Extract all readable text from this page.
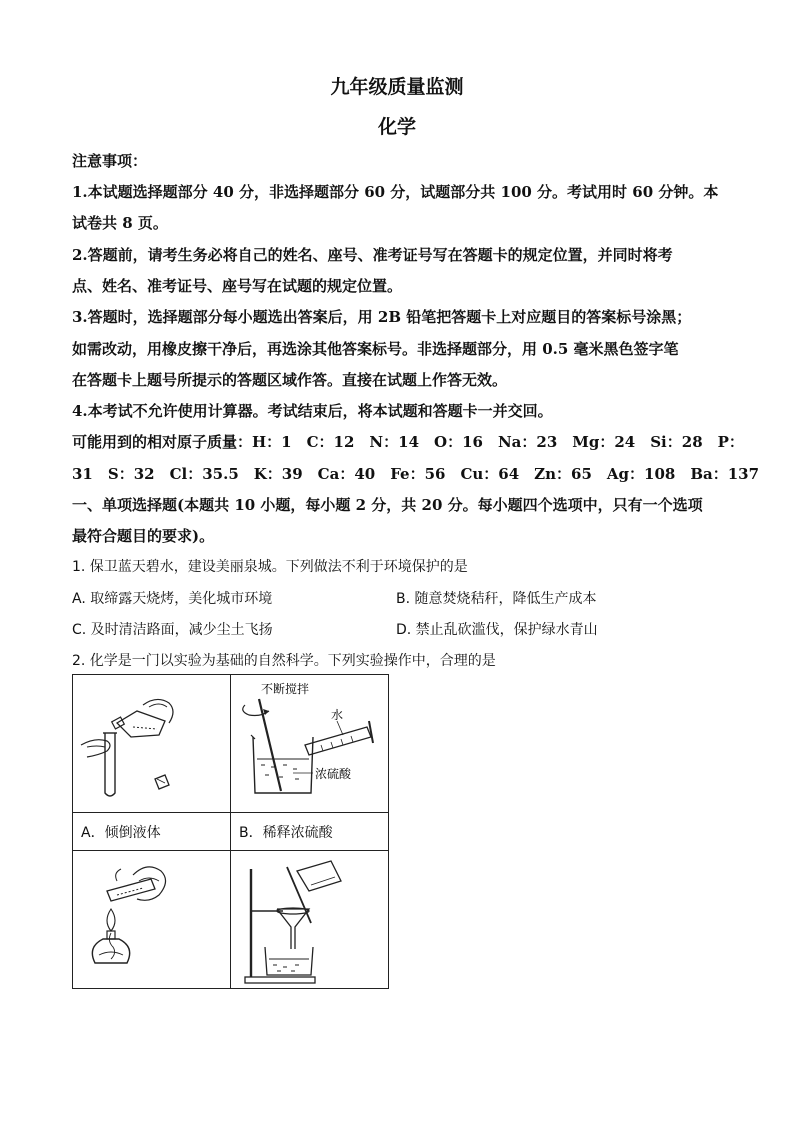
九年级质量监测
化学
注意事项：
1.本试题选择题部分 40 分，非选择题部分 60 分，试题部分共 100 分。考试用时 60 分钟。本
试卷共 8 页。
2.答题前，请考生务必将自己的姓名、座号、准考证号写在答题卡的规定位置，并同时将考
点、姓名、准考证号、座号写在试题的规定位置。
3.答题时，选择题部分每小题选出答案后，用 2B 铅笔把答题卡上对应题目的答案标号涂黑；
如需改动，用橡皮擦干净后，再选涂其他答案标号。非选择题部分，用 0.5 毫米黑色签字笔
在答题卡上题号所提示的答题区域作答。直接在试题上作答无效。
4.本考试不允许使用计算器。考试结束后，将本试题和答题卡一并交回。
可能用到的相对原子质量：H：1　C：12　N：14　O：16　Na：23　Mg：24　Si：28　P：
31　S：32　Cl：35.5　K：39　Ca：40　Fe：56　Cu：64　Zn：65　Ag：108　Ba：137
一、单项选择题(本题共 10 小题，每小题 2 分，共 20 分。每小题四个选项中，只有一个选项
最符合题目的要求)。
1. 保卫蓝天碧水，建设美丽泉城。下列做法不利于环境保护的是
A. 取缔露天烧烤，美化城市环境	B. 随意焚烧秸秆，降低生产成本
C. 及时清洁路面，减少尘土飞扬	D. 禁止乱砍滥伐，保护绿水青山
2. 化学是一门以实验为基础的自然科学。下列实验操作中，合理的是

不断搅拌
水
浓硫酸

A．倾倒液体	B．稀释浓硫酸
